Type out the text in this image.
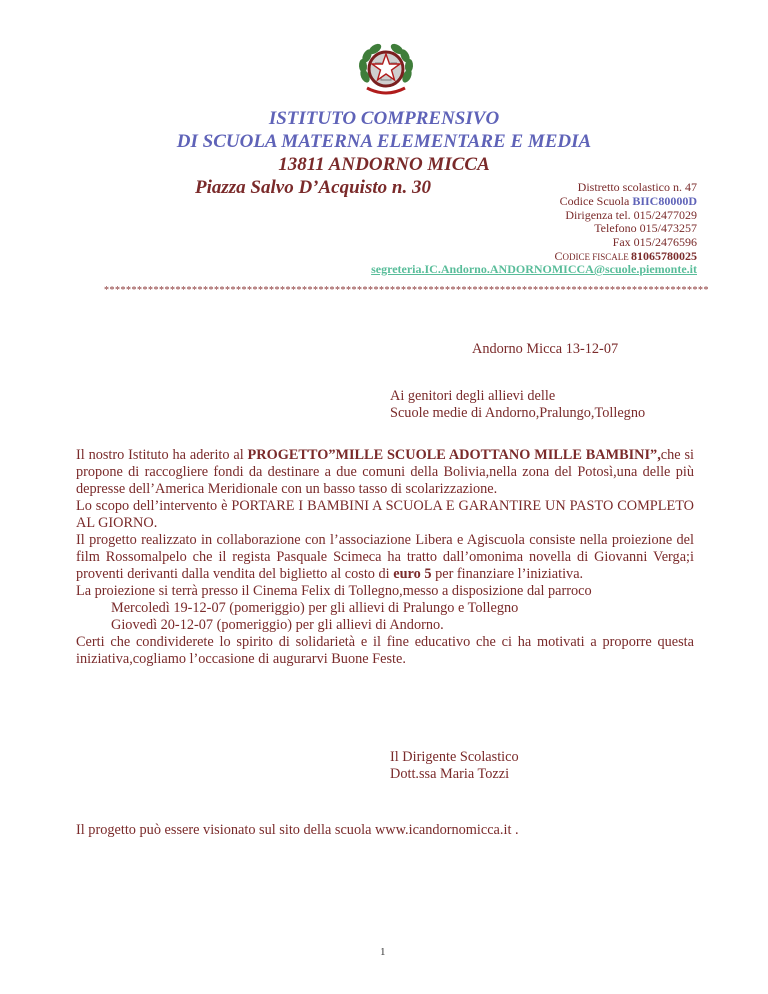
ISTITUTO COMPRENSIVO
DI SCUOLA MATERNA ELEMENTARE E MEDIA
13811 ANDORNO MICCA
Piazza Salvo D’Acquisto n. 30	Distretto scolastico n. 47
Codice Scuola BIIC80000D
Dirigenza tel. 015/2477029
Telefono 015/473257
Fax 015/2476596
CODICE FISCALE 81065780025
segreteria.IC.Andorno.ANDORNOMICCA@scuole.piemonte.it
**************************************************************************************************************
Andorno Micca 13-12-07
Ai genitori degli allievi delle
Scuole medie di Andorno,Pralungo,Tollegno

Il nostro Istituto ha aderito al PROGETTO”MILLE SCUOLE ADOTTANO MILLE BAMBINI”,che si propone di raccogliere fondi da destinare a due comuni della Bolivia,nella zona del Potosì,una delle più depresse dell’America Meridionale con un basso tasso di scolarizzazione.

Lo scopo dell’intervento è PORTARE I BAMBINI A SCUOLA E GARANTIRE UN PASTO COMPLETO AL GIORNO.

Il progetto realizzato in collaborazione con l’associazione Libera e Agiscuola consiste nella proiezione del film Rossomalpelo che il regista Pasquale Scimeca ha tratto dall’omonima novella di Giovanni Verga;i proventi derivanti dalla vendita del biglietto al costo di euro 5 per finanziare l’iniziativa.

La proiezione si terrà presso il Cinema Felix di Tollegno,messo a disposizione dal parroco

Mercoledì 19-12-07 (pomeriggio) per gli allievi di Pralungo e Tollegno

Giovedì 20-12-07 (pomeriggio) per gli allievi di Andorno.

Certi che condividerete lo spirito di solidarietà e il fine educativo che ci ha motivati a proporre questa iniziativa,cogliamo l’occasione di augurarvi Buone Feste.

Il Dirigente Scolastico
Dott.ssa Maria Tozzi
Il progetto può essere visionato sul sito della scuola www.icandornomicca.it .
1
